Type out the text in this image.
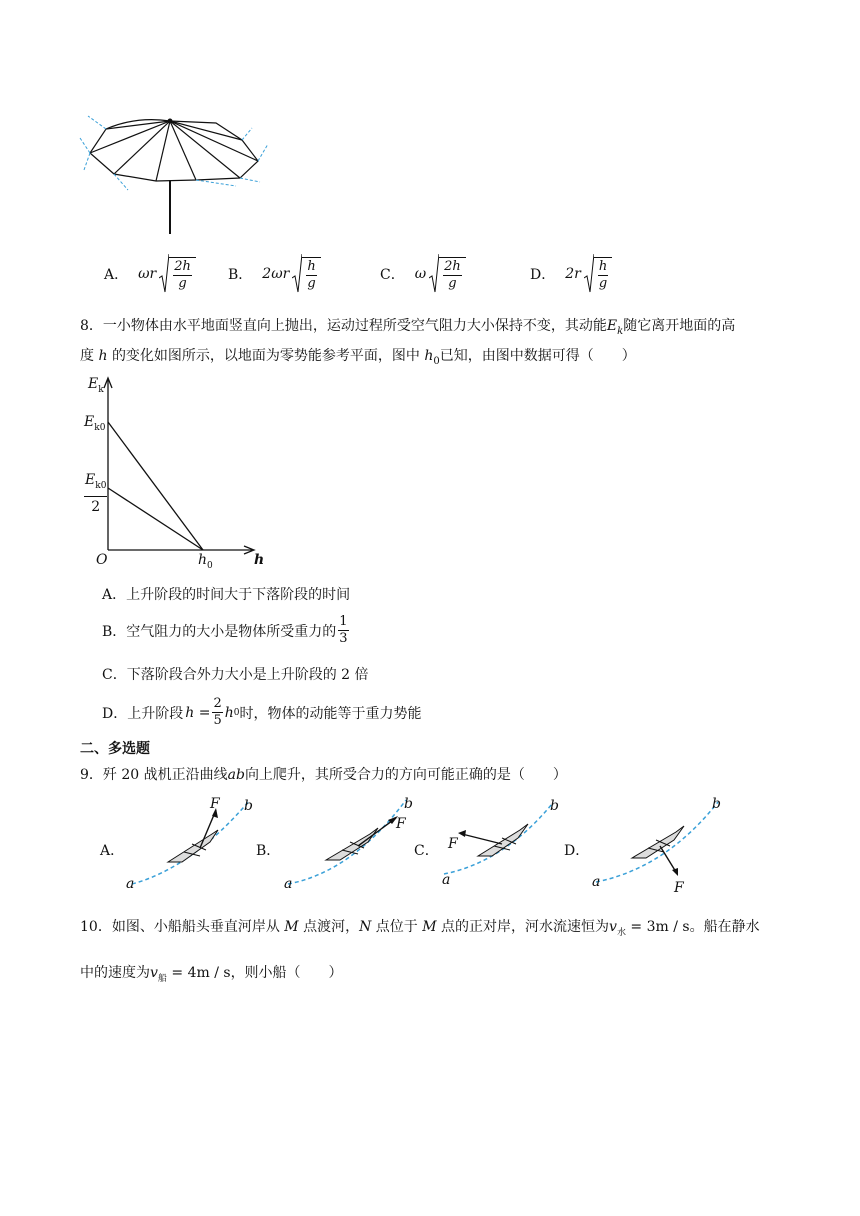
A． ωr $\frac{2h}{g}$	B． $2\omega r \frac{h}{g}$	C． ω $\frac{2h}{g}$	D． $2r \frac{h}{g}$
8．一小物体由水平地面竖直向上抛出，运动过程所受空气阻力大小保持不变，其动能$E_k$随它离开地面的高
度 h 的变化如图所示，以地面为零势能参考平面，图中 $h_0$已知，由图中数据可得（　　）
$E_k$
$E_{k0}$
$\frac{E_{k0}}{2}$
O	$h_0$	h
A．上升阶段的时间大于下落阶段的时间
B．空气阻力的大小是物体所受重力的 $\frac{1}{3}$
C．下落阶段合外力大小是上升阶段的 2 倍
D．上升阶段 $h = \frac{2}{5}$ h 0 时，物体的动能等于重力势能
二、多选题
9．歼 20 战机正沿曲线ab向上爬升，其所受合力的方向可能正确的是（　　）
A．
F b
a
B．
F
b
a
C． F
b
a
D．
F
b
a
10．如图、小船船头垂直河岸从 M 点渡河，N 点位于 M 点的正对岸，河水流速恒为$v_水 = 3m / s$。船在静水
中的速度为$v_船 = 4m / s$，则小船（　　）
